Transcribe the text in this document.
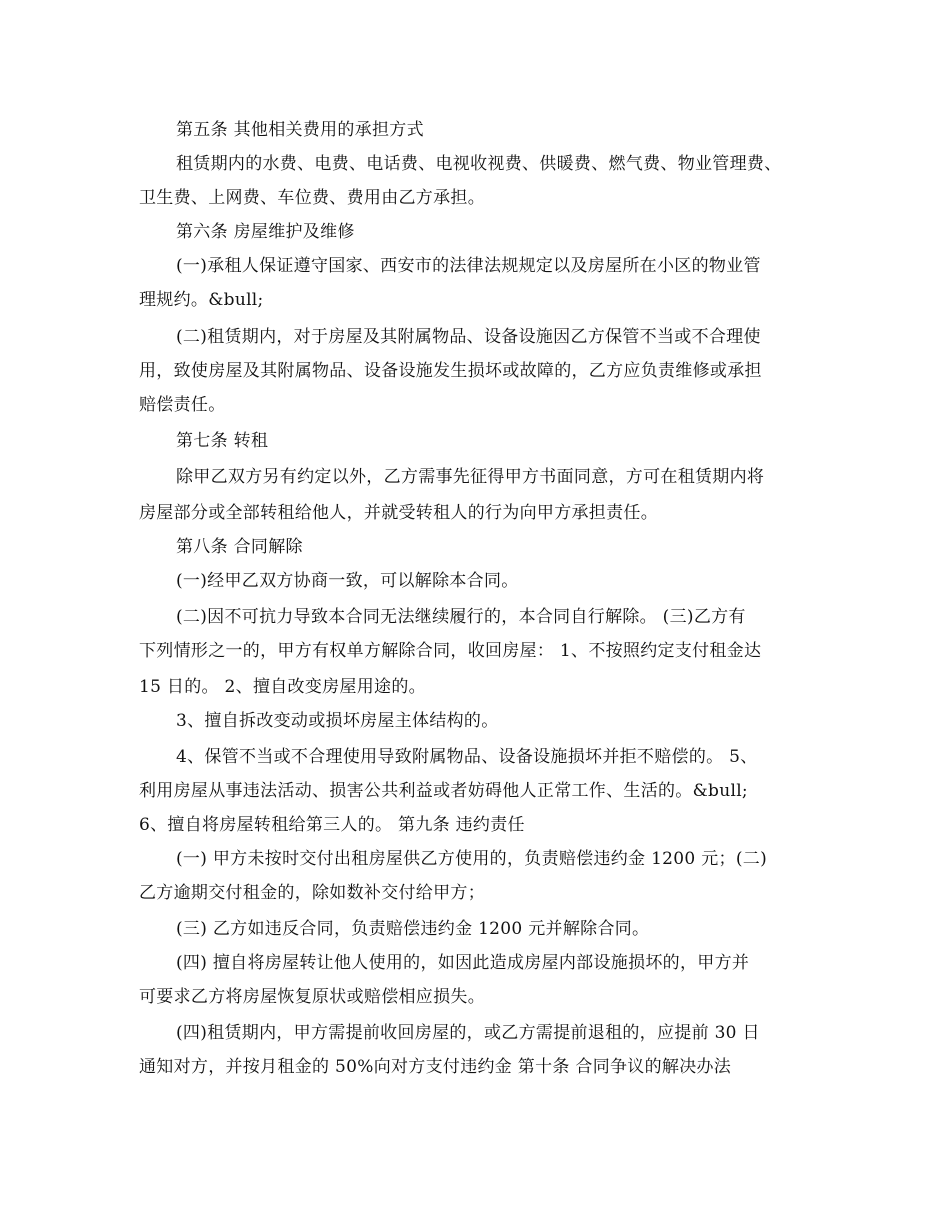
第五条 其他相关费用的承担方式
租赁期内的水费、电费、电话费、电视收视费、供暖费、燃气费、物业管理费、
卫生费、上网费、车位费、费用由乙方承担。
第六条 房屋维护及维修
(一)承租人保证遵守国家、西安市的法律法规规定以及房屋所在小区的物业管
理规约。&bull;
(二)租赁期内，对于房屋及其附属物品、设备设施因乙方保管不当或不合理使
用，致使房屋及其附属物品、设备设施发生损坏或故障的，乙方应负责维修或承担
赔偿责任。
第七条 转租
除甲乙双方另有约定以外，乙方需事先征得甲方书面同意，方可在租赁期内将
房屋部分或全部转租给他人，并就受转租人的行为向甲方承担责任。
第八条 合同解除
(一)经甲乙双方协商一致，可以解除本合同。
(二)因不可抗力导致本合同无法继续履行的，本合同自行解除。 (三)乙方有
下列情形之一的，甲方有权单方解除合同，收回房屋： 1、不按照约定支付租金达
15 日的。 2、擅自改变房屋用途的。
3、擅自拆改变动或损坏房屋主体结构的。
4、保管不当或不合理使用导致附属物品、设备设施损坏并拒不赔偿的。 5、
利用房屋从事违法活动、损害公共利益或者妨碍他人正常工作、生活的。&bull;
6、擅自将房屋转租给第三人的。 第九条 违约责任
(一) 甲方未按时交付出租房屋供乙方使用的，负责赔偿违约金 1200 元；(二)
乙方逾期交付租金的，除如数补交付给甲方；
(三) 乙方如违反合同，负责赔偿违约金 1200 元并解除合同。
(四) 擅自将房屋转让他人使用的，如因此造成房屋内部设施损坏的，甲方并
可要求乙方将房屋恢复原状或赔偿相应损失。
(四)租赁期内，甲方需提前收回房屋的，或乙方需提前退租的，应提前 30 日
通知对方，并按月租金的 50%向对方支付违约金 第十条 合同争议的解决办法
